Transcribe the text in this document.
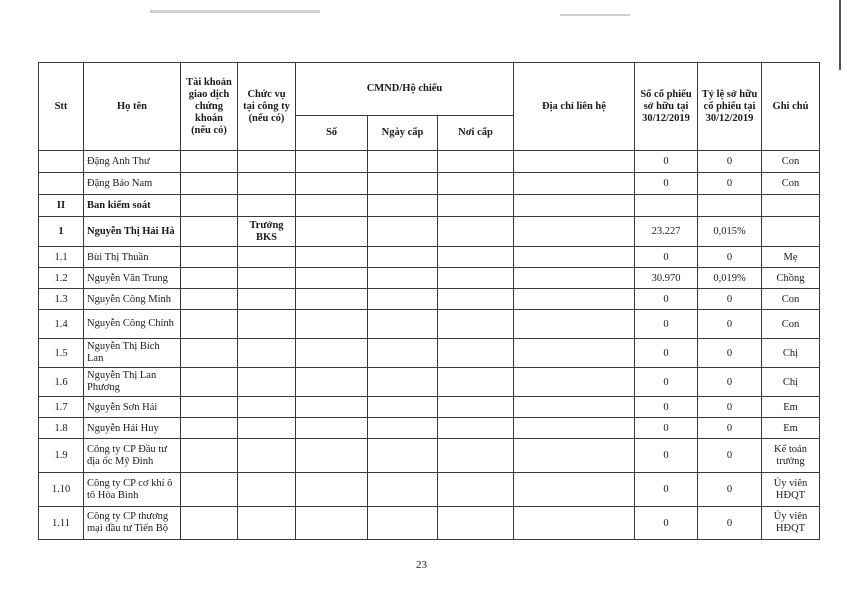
Stt	Họ tên	Tài khoản giao dịch chứng khoán (nếu có)	Chức vụ tại công ty (nếu có)	CMND/Hộ chiếu			Địa chỉ liên hệ	Số cổ phiếu sở hữu tại 30/12/2019	Tỷ lệ sở hữu cổ phiếu tại 30/12/2019	Ghi chú
				Số	Ngày cấp	Nơi cấp				
	Đặng Anh Thư							0	0	Con
	Đặng Bảo Nam							0	0	Con
II	Ban kiểm soát									
1	Nguyễn Thị Hải Hà		Trưởng BKS					23.227	0,015%	
1.1	Bùi Thị Thuần							0	0	Mẹ
1.2	Nguyễn Văn Trung							30.970	0,019%	Chồng
1.3	Nguyễn Công Minh							0	0	Con
1.4	Nguyễn Công Chính							0	0	Con
1.5	Nguyễn Thị Bích Lan							0	0	Chị
1.6	Nguyễn Thị Lan Phương							0	0	Chị
1.7	Nguyễn Sơn Hải							0	0	Em
1.8	Nguyễn Hải Huy							0	0	Em
1.9	Công ty CP Đầu tư địa ốc Mỹ Đình							0	0	Kế toán trưởng
1.10	Công ty CP cơ khí ô tô Hòa Bình							0	0	Ủy viên HĐQT
1.11	Công ty CP thương mại đầu tư Tiến Bộ							0	0	Ủy viên HĐQT
23
